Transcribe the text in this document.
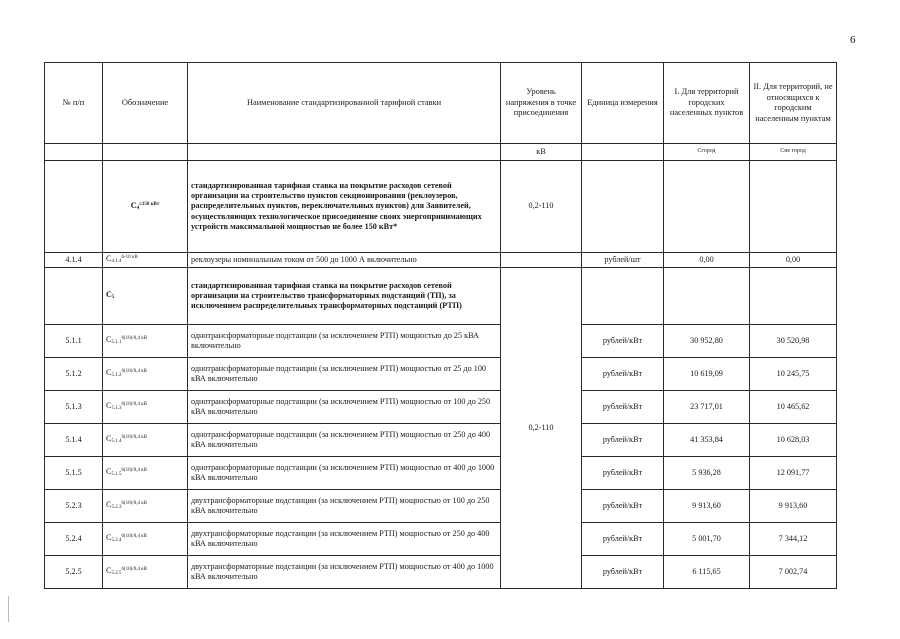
6
№ п/п	Обозначение	Наименование стандартизированной тарифной ставки	Уровень напряжения в точке присоединения	Единица измерения	I. Для территорий городских населенных пунктов	II. Для территорий, не относящихся к городским населенным пунктам
			кВ		Сгород	Сне город
	$C_4^{\le 150 кВт}$	стандартизированная тарифная ставка на покрытие расходов сетевой организации на строительство пунктов секционирования (реклоузеров, распределительных пунктов, переключательных пунктов) для Заявителей, осуществляющих технологическое присоединение своих энергопринимающих устройств максимальной мощностью не более 150 кВт*	0,2-110			
4.1.4	$C_{4.1.4}^{6-10 кВ}$	реклоузеры номинальным током от 500 до 1000 А включительно		рублей/шт	0,00	0,00
	$C_5$	стандартизированная тарифная ставка на покрытие расходов сетевой организации на строительство трансформаторных подстанций (ТП), за исключением распределительных трансформаторных подстанций (РТП)	0,2-110			
5.1.1	$C_{5.1.1}^{6(10)/0,4 кВ}$	однотрансформаторные подстанции (за исключением РТП) мощностью до 25 кВА включительно		рублей/кВт	30 952,80	30 520,98
5.1.2	$C_{5.1.2}^{6(10)/0,4 кВ}$	однотрансформаторные подстанции (за исключением РТП) мощностью от 25 до 100 кВА включительно		рублей/кВт	10 619,09	10 245,75
5.1.3	$C_{5.1.3}^{6(10)/0,4 кВ}$	однотрансформаторные подстанции (за исключением РТП) мощностью от 100 до 250 кВА включительно		рублей/кВт	23 717,01	10 465,62
5.1.4	$C_{5.1.4}^{6(10)/0,4 кВ}$	однотрансформаторные подстанции (за исключением РТП) мощностью от 250 до 400 кВА включительно		рублей/кВт	41 353,84	10 628,03
5.1.5	$C_{5.1.5}^{6(10)/0,4 кВ}$	однотрансформаторные подстанции (за исключением РТП) мощностью от 400 до 1000 кВА включительно		рублей/кВт	5 936,28	12 091,77
5.2.3	$C_{5.2.3}^{6(10)/0,4 кВ}$	двухтрансформаторные подстанции (за исключением РТП) мощностью от 100 до 250 кВА включительно		рублей/кВт	9 913,60	9 913,60
5.2.4	$C_{5.2.4}^{6(10)/0,4 кВ}$	двухтрансформаторные подстанции (за исключением РТП) мощностью от 250 до 400 кВА включительно		рублей/кВт	5 001,70	7 344,12
5.2.5	$C_{5.2.5}^{6(10)/0,4 кВ}$	двухтрансформаторные подстанции (за исключением РТП) мощностью от 400 до 1000 кВА включительно		рублей/кВт	6 115,65	7 002,74
